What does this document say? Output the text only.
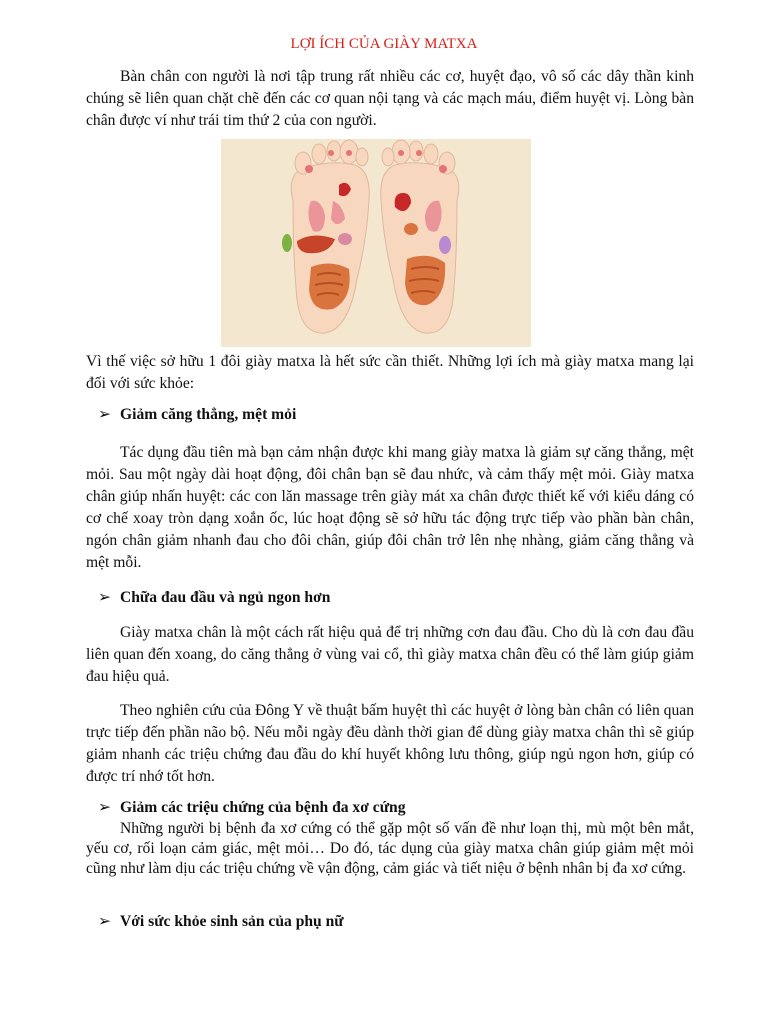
LỢI ÍCH CỦA GIÀY MATXA

Bàn chân con người là nơi tập trung rất nhiều các cơ, huyệt đạo, vô số các dây thần kinh chúng sẽ liên quan chặt chẽ đến các cơ quan nội tạng và các mạch máu, điểm huyệt vị. Lòng bàn chân được ví như trái tim thứ 2 của con người.

Vì thế việc sở hữu 1 đôi giày matxa là hết sức cần thiết. Những lợi ích mà giày matxa mang lại đối với sức khỏe:

➢ Giảm căng thẳng, mệt mỏi

Tác dụng đầu tiên mà bạn cảm nhận được khi mang giày matxa là giảm sự căng thẳng, mệt mỏi. Sau một ngày dài hoạt động, đôi chân bạn sẽ đau nhức, và cảm thấy mệt mỏi. Giày matxa chân giúp nhấn huyệt: các con lăn massage trên giày mát xa chân được thiết kế với kiểu dáng có cơ chế xoay tròn dạng xoắn ốc, lúc hoạt động sẽ sở hữu tác động trực tiếp vào phần bàn chân, ngón chân giảm nhanh đau cho đôi chân, giúp đôi chân trở lên nhẹ nhàng, giảm căng thẳng và mệt mỗi.

➢ Chữa đau đầu và ngủ ngon hơn

Giày matxa chân là một cách rất hiệu quả để trị những cơn đau đầu. Cho dù là cơn đau đầu liên quan đến xoang, do căng thẳng ở vùng vai cổ, thì giày matxa chân đều có thể làm giúp giảm đau hiệu quả.

Theo nghiên cứu của Đông Y về thuật bấm huyệt thì các huyệt ở lòng bàn chân có liên quan trực tiếp đến phần não bộ. Nếu mỗi ngày đều dành thời gian để dùng giày matxa chân thì sẽ giúp giảm nhanh các triệu chứng đau đầu do khí huyết không lưu thông, giúp ngủ ngon hơn, giúp có được trí nhớ tốt hơn.

➢ Giảm các triệu chứng của bệnh đa xơ cứng

Những người bị bệnh đa xơ cứng có thể gặp một số vấn đề như loạn thị, mù một bên mắt, yếu cơ, rối loạn cảm giác, mệt mỏi… Do đó, tác dụng của giày matxa chân giúp giảm mệt mỏi cũng như làm dịu các triệu chứng về vận động, cảm giác và tiết niệu ở bệnh nhân bị đa xơ cứng.

➢ Với sức khỏe sinh sản của phụ nữ
